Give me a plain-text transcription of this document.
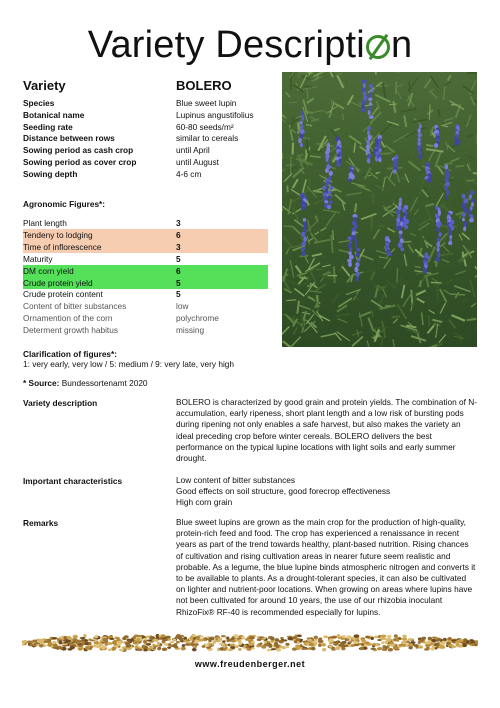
Variety Descripti n
Variety	BOLERO
Species	Blue sweet lupin
Botanical name	Lupinus angustifolius
Seeding rate	60-80 seeds/m²
Distance between rows	similar to cereals
Sowing period as cash crop	until April
Sowing period as cover crop	until August
Sowing depth	4-6 cm
Agronomic Figures*:
Plant length	3
Tendeny to lodging	6
Time of inflorescence	3
Maturity	5
DM corn yield	6
Crude protein yield	5
Crude protein content	5
Content of bitter substances	low
Ornamention of the corn	polychrome
Determent growth habitus	missing
Clarification of figures*:
1: very early, very low / 5: medium / 9: very late, very high
* Source: Bundessortenamt 2020
Variety description	BOLERO is characterized by good grain and protein yields. The combination of N-
accumulation, early ripeness, short plant length and a low risk of bursting pods
during ripening not only enables a safe harvest, but also makes the variety an
ideal preceding crop before winter cereals. BOLERO delivers the best
performance on the typical lupine locations with light soils and early summer
drought.
Important characteristics	Low content of bitter substances
Good effects on soil structure, good forecrop effectiveness
High corn grain
Remarks	Blue sweet lupins are grown as the main crop for the production of high-quality,
protein-rich feed and food. The crop has experienced a renaissance in recent
years as part of the trend towards healthy, plant-based nutrition. Rising chances
of cultivation and rising cultivation areas in nearer future seem realistic and
probable. As a legume, the blue lupine binds atmospheric nitrogen and converts it
to be available to plants. As a drought-tolerant species, it can also be cultivated
on lighter and nutrient-poor locations. When growing on areas where lupins have
not been cultivated for around 10 years, the use of our rhizobia inoculant
RhizoFix® RF-40 is recommended especially for lupins.
www.freudenberger.net
